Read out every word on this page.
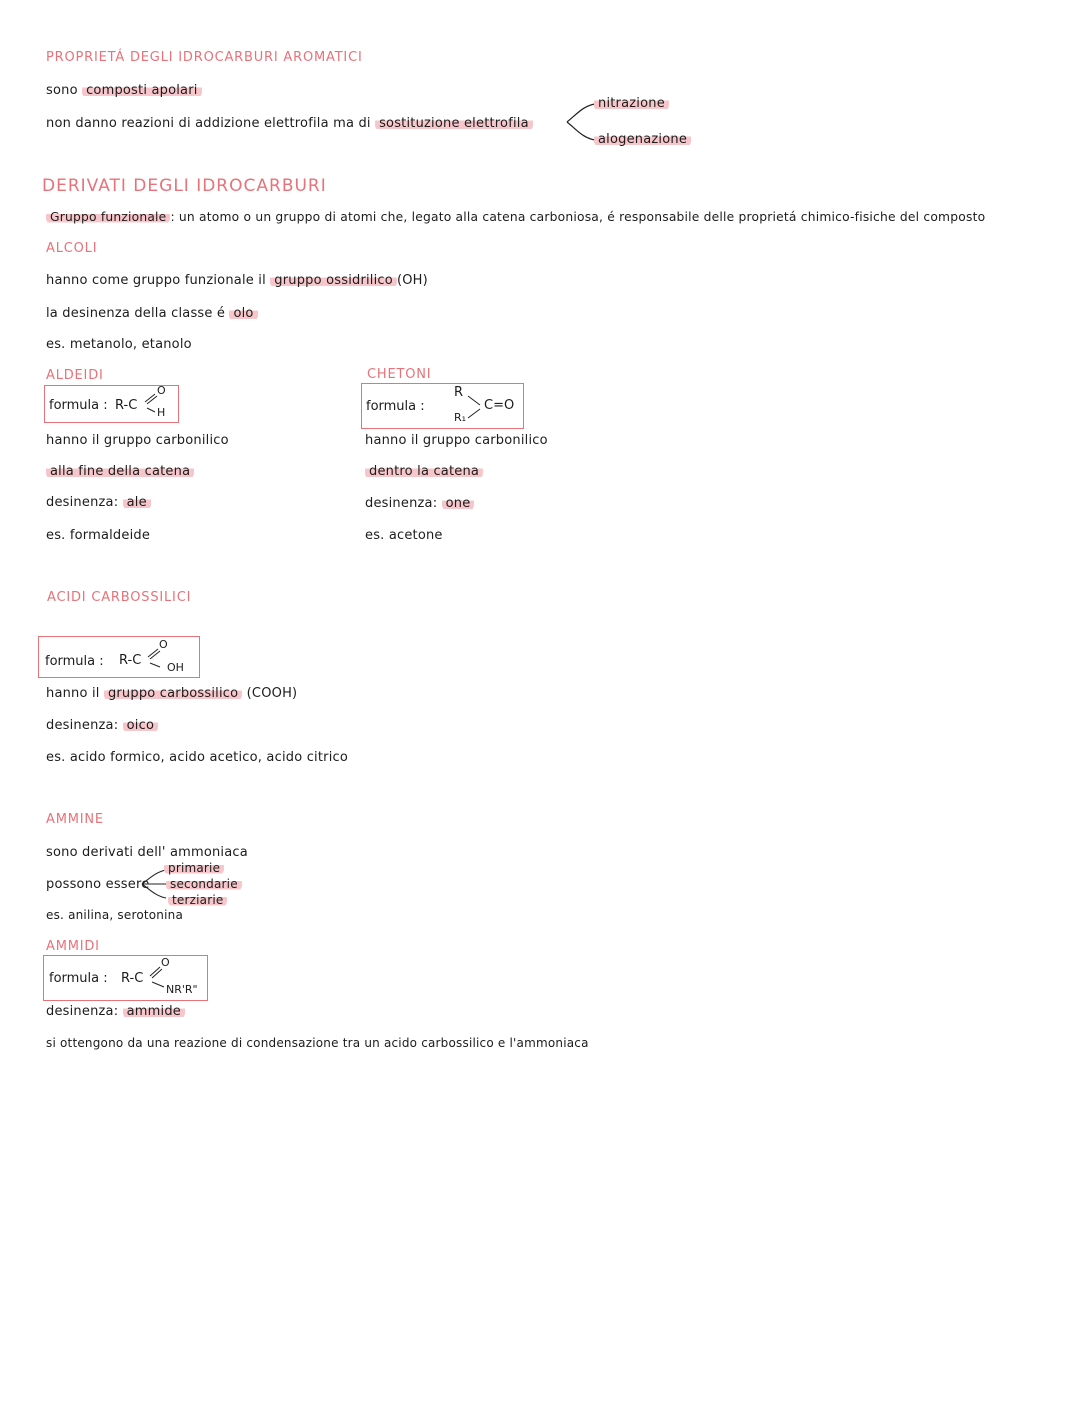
PROPRIETÁ DEGLI IDROCARBURI AROMATICI
sono composti apolari
non danno reazioni di addizione elettrofila ma di sostituzione elettrofila
nitrazione
alogenazione
DERIVATI DEGLI IDROCARBURI
Gruppo funzionale : un atomo o un gruppo di atomi che, legato alla catena carboniosa, é responsabile delle proprietá chimico-fisiche del composto
ALCOLI
hanno come gruppo funzionale il gruppo ossidrilico (OH)
la desinenza della classe é olo
es. metanolo, etanolo
ALDEIDI
formula : R-C
O
H
hanno il gruppo carbonilico
alla fine della catena
desinenza: ale
es. formaldeide
CHETONI
formula :
R
R₁
C=O
hanno il gruppo carbonilico
dentro la catena
desinenza: one
es. acetone
ACIDI CARBOSSILICI
formula : R-C
O
OH
hanno il gruppo carbossilico (COOH)
desinenza: oico
es. acido formico, acido acetico, acido citrico
AMMINE
sono derivati dell' ammoniaca
possono essere
primarie
secondarie
terziarie
es. anilina, serotonina
AMMIDI
formula : R-C
O
NR'R"
desinenza: ammide
si ottengono da una reazione di condensazione tra un acido carbossilico e l'ammoniaca
